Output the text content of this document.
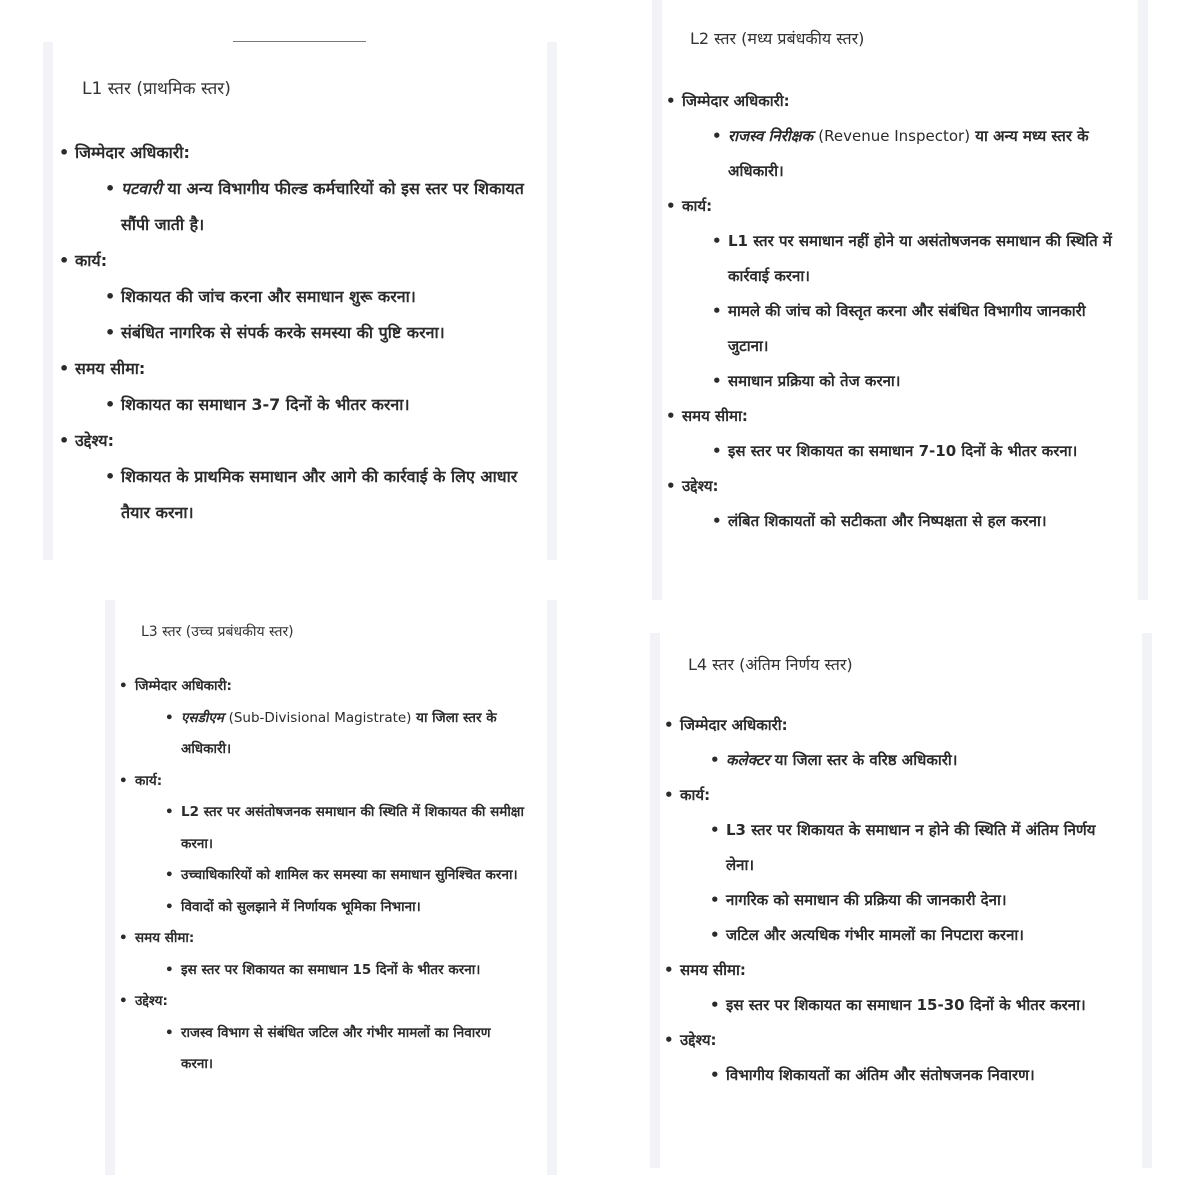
L1 स्तर (प्राथमिक स्तर)
• जिम्मेदार अधिकारी:
• पटवारी या अन्य विभागीय फील्ड कर्मचारियों को इस स्तर पर शिकायत सौंपी जाती है।
• कार्य:
• शिकायत की जांच करना और समाधान शुरू करना।
• संबंधित नागरिक से संपर्क करके समस्या की पुष्टि करना।
• समय सीमा:
• शिकायत का समाधान 3-7 दिनों के भीतर करना।
• उद्देश्य:
• शिकायत के प्राथमिक समाधान और आगे की कार्रवाई के लिए आधार तैयार करना।
L2 स्तर (मध्य प्रबंधकीय स्तर)
• जिम्मेदार अधिकारी:
• राजस्व निरीक्षक (Revenue Inspector) या अन्य मध्य स्तर के अधिकारी।
• कार्य:
• L1 स्तर पर समाधान नहीं होने या असंतोषजनक समाधान की स्थिति में कार्रवाई करना।
• मामले की जांच को विस्तृत करना और संबंधित विभागीय जानकारी जुटाना।
• समाधान प्रक्रिया को तेज करना।
• समय सीमा:
• इस स्तर पर शिकायत का समाधान 7-10 दिनों के भीतर करना।
• उद्देश्य:
• लंबित शिकायतों को सटीकता और निष्पक्षता से हल करना।
L3 स्तर (उच्च प्रबंधकीय स्तर)
• जिम्मेदार अधिकारी:
• एसडीएम (Sub-Divisional Magistrate) या जिला स्तर के अधिकारी।
• कार्य:
• L2 स्तर पर असंतोषजनक समाधान की स्थिति में शिकायत की समीक्षा करना।
• उच्चाधिकारियों को शामिल कर समस्या का समाधान सुनिश्चित करना।
• विवादों को सुलझाने में निर्णायक भूमिका निभाना।
• समय सीमा:
• इस स्तर पर शिकायत का समाधान 15 दिनों के भीतर करना।
• उद्देश्य:
• राजस्व विभाग से संबंधित जटिल और गंभीर मामलों का निवारण करना।
L4 स्तर (अंतिम निर्णय स्तर)
• जिम्मेदार अधिकारी:
• कलेक्टर या जिला स्तर के वरिष्ठ अधिकारी।
• कार्य:
• L3 स्तर पर शिकायत के समाधान न होने की स्थिति में अंतिम निर्णय लेना।
• नागरिक को समाधान की प्रक्रिया की जानकारी देना।
• जटिल और अत्यधिक गंभीर मामलों का निपटारा करना।
• समय सीमा:
• इस स्तर पर शिकायत का समाधान 15-30 दिनों के भीतर करना।
• उद्देश्य:
• विभागीय शिकायतों का अंतिम और संतोषजनक निवारण।
